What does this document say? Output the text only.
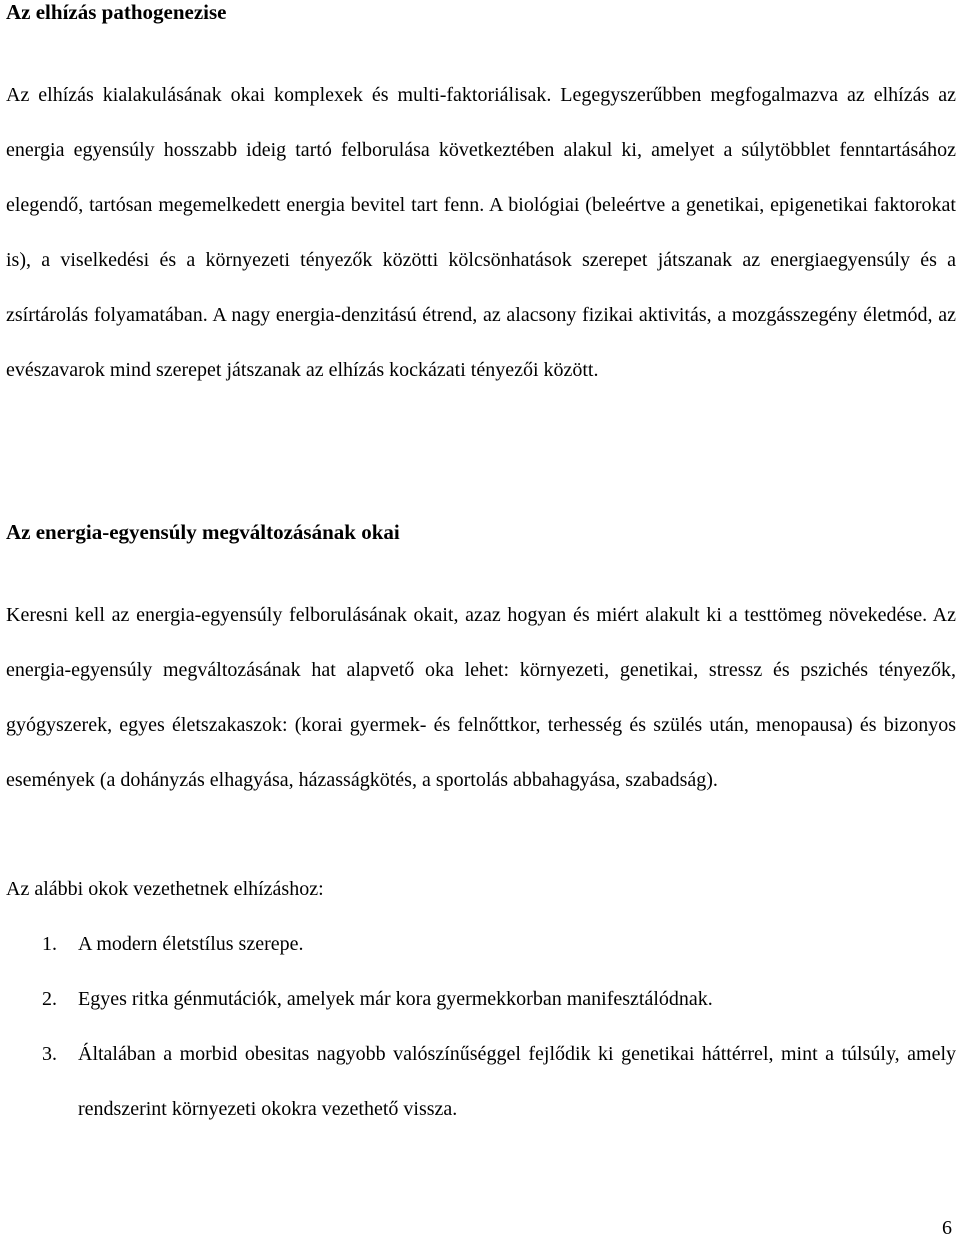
Az elhízás pathogenezise

Az elhízás kialakulásának okai komplexek és multi-faktoriálisak. Legegyszerűbben megfogalmazva az elhízás az energia egyensúly hosszabb ideig tartó felborulása következtében alakul ki, amelyet a súlytöbblet fenntartásához elegendő, tartósan megemelkedett energia bevitel tart fenn. A biológiai (beleértve a genetikai, epigenetikai faktorokat is), a viselkedési és a környezeti tényezők közötti kölcsönhatások szerepet játszanak az energiaegyensúly és a zsírtárolás folyamatában. A nagy energia-denzitású étrend, az alacsony fizikai aktivitás, a mozgásszegény életmód, az evészavarok mind szerepet játszanak az elhízás kockázati tényezői között.

Az energia-egyensúly megváltozásának okai

Keresni kell az energia-egyensúly felborulásának okait, azaz hogyan és miért alakult ki a testtömeg növekedése. Az energia-egyensúly megváltozásának hat alapvető oka lehet: környezeti, genetikai, stressz és pszichés tényezők, gyógyszerek, egyes életszakaszok: (korai gyermek- és felnőttkor, terhesség és szülés után, menopausa) és bizonyos események (a dohányzás elhagyása, házasságkötés, a sportolás abbahagyása, szabadság).

Az alábbi okok vezethetnek elhízáshoz:
1. A modern életstílus szerepe.
2. Egyes ritka génmutációk, amelyek már kora gyermekkorban manifesztálódnak.
3. Általában a morbid obesitas nagyobb valószínűséggel fejlődik ki genetikai háttérrel, mint a túlsúly, amely rendszerint környezeti okokra vezethető vissza.
6
